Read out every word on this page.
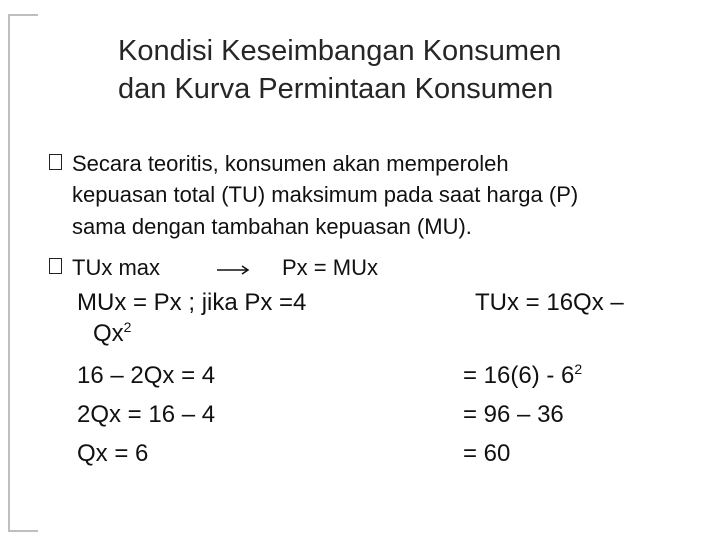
Kondisi Keseimbangan Konsumen
dan Kurva Permintaan Konsumen
Secara teoritis, konsumen akan memperoleh
kepuasan total (TU) maksimum pada saat harga (P)
sama dengan tambahan kepuasan (MU).
TUx max	Px = MUx
MUx = Px ; jika Px =4
Qx$^2$
16 – 2Qx = 4
2Qx = 16 – 4
Qx = 6
TUx = 16Qx –
= $16(6) - 6^2$
= 96 – 36
= 60
